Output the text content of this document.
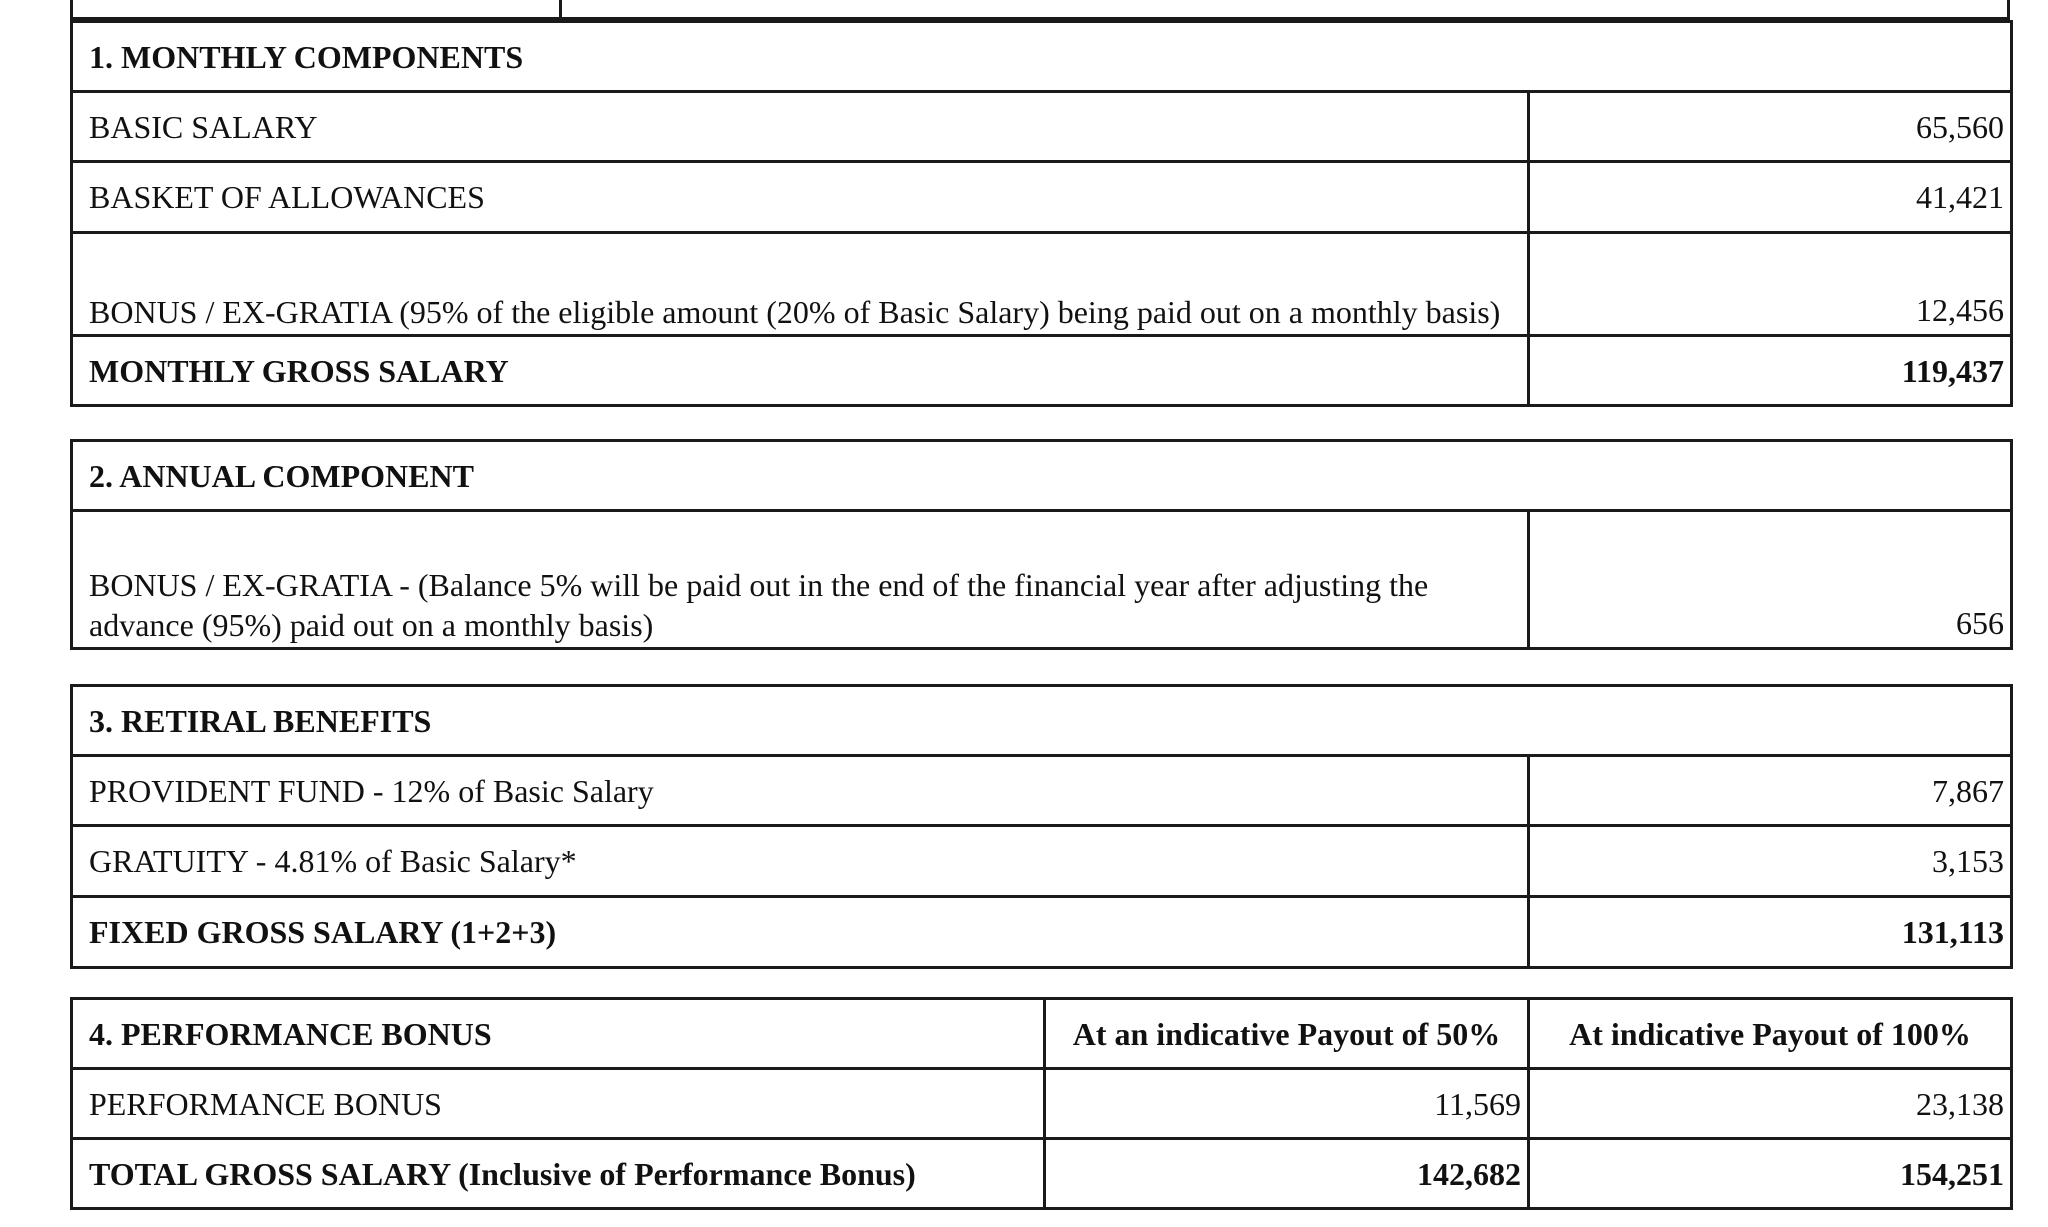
1. MONTHLY COMPONENTS	
BASIC SALARY	65,560
BASKET OF ALLOWANCES	41,421
BONUS / EX-GRATIA (95% of the eligible amount (20% of Basic Salary) being paid out on a monthly basis)	12,456
MONTHLY GROSS SALARY	119,437
2. ANNUAL COMPONENT
BONUS / EX-GRATIA - (Balance 5% will be paid out in the end of the financial year after adjusting the advance (95%) paid out on a monthly basis)	656
3. RETIRAL BENEFITS	
PROVIDENT FUND - 12% of Basic Salary	7,867
GRATUITY - 4.81% of Basic Salary*	3,153
FIXED GROSS SALARY (1+2+3)	131,113
4. PERFORMANCE BONUS	At an indicative Payout of 50%	At indicative Payout of 100%
PERFORMANCE BONUS	11,569	23,138
TOTAL GROSS SALARY (Inclusive of Performance Bonus)	142,682	154,251
